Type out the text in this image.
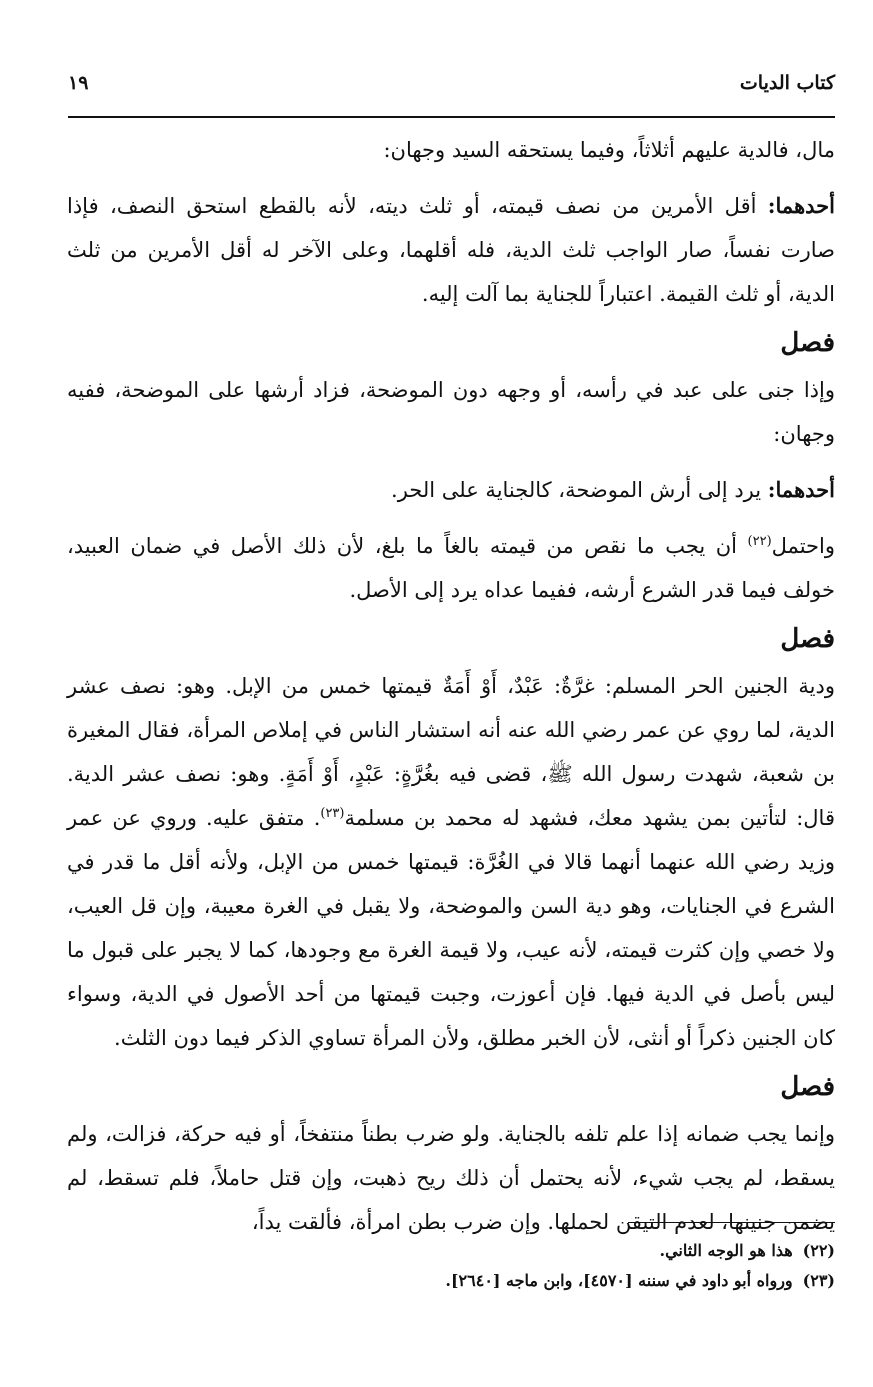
كتاب الديات
١٩

مال، فالدية عليهم أثلاثاً، وفيما يستحقه السيد وجهان:

أحدهما: أقل الأمرين من نصف قيمته، أو ثلث ديته، لأنه بالقطع استحق النصف، فإذا صارت نفساً، صار الواجب ثلث الدية، فله أقلهما، وعلى الآخر له أقل الأمرين من ثلث الدية، أو ثلث القيمة. اعتباراً للجناية بما آلت إليه.

فصل

وإذا جنى على عبد في رأسه، أو وجهه دون الموضحة، فزاد أرشها على الموضحة، ففيه وجهان:

أحدهما: يرد إلى أرش الموضحة، كالجناية على الحر.

واحتمل$^{(٢٢)}$ أن يجب ما نقص من قيمته بالغاً ما بلغ، لأن ذلك الأصل في ضمان العبيد، خولف فيما قدر الشرع أرشه، ففيما عداه يرد إلى الأصل.

فصل

ودية الجنين الحر المسلم: غرَّةٌ: عَبْدٌ، أَوْ أَمَةٌ قيمتها خمس من الإبل. وهو: نصف عشر الدية، لما روي عن عمر رضي الله عنه أنه استشار الناس في إملاص المرأة، فقال المغيرة بن شعبة، شهدت رسول الله ﷺ، قضى فيه بغُرَّةٍ: عَبْدٍ، أَوْ أَمَةٍ. وهو: نصف عشر الدية. قال: لتأتين بمن يشهد معك، فشهد له محمد بن مسلمة$^{(٢٣)}$. متفق عليه. وروي عن عمر وزيد رضي الله عنهما أنهما قالا في الغُرَّة: قيمتها خمس من الإبل، ولأنه أقل ما قدر في الشرع في الجنايات، وهو دية السن والموضحة، ولا يقبل في الغرة معيبة، وإن قل العيب، ولا خصي وإن كثرت قيمته، لأنه عيب، ولا قيمة الغرة مع وجودها، كما لا يجبر على قبول ما ليس بأصل في الدية فيها. فإن أعوزت، وجبت قيمتها من أحد الأصول في الدية، وسواء كان الجنين ذكراً أو أنثى، لأن الخبر مطلق، ولأن المرأة تساوي الذكر فيما دون الثلث.

فصل

وإنما يجب ضمانه إذا علم تلفه بالجناية. ولو ضرب بطناً منتفخاً، أو فيه حركة، فزالت، ولم يسقط، لم يجب شيء، لأنه يحتمل أن ذلك ريح ذهبت، وإن قتل حاملاً، فلم تسقط، لم يضمن جنينها، لعدم التيقن لحملها. وإن ضرب بطن امرأة، فألقت يداً،

(٢٢)هذا هو الوجه الثاني.
(٢٣)ورواه أبو داود في سننه [٤٥٧٠]، وابن ماجه [٢٦٤٠].
